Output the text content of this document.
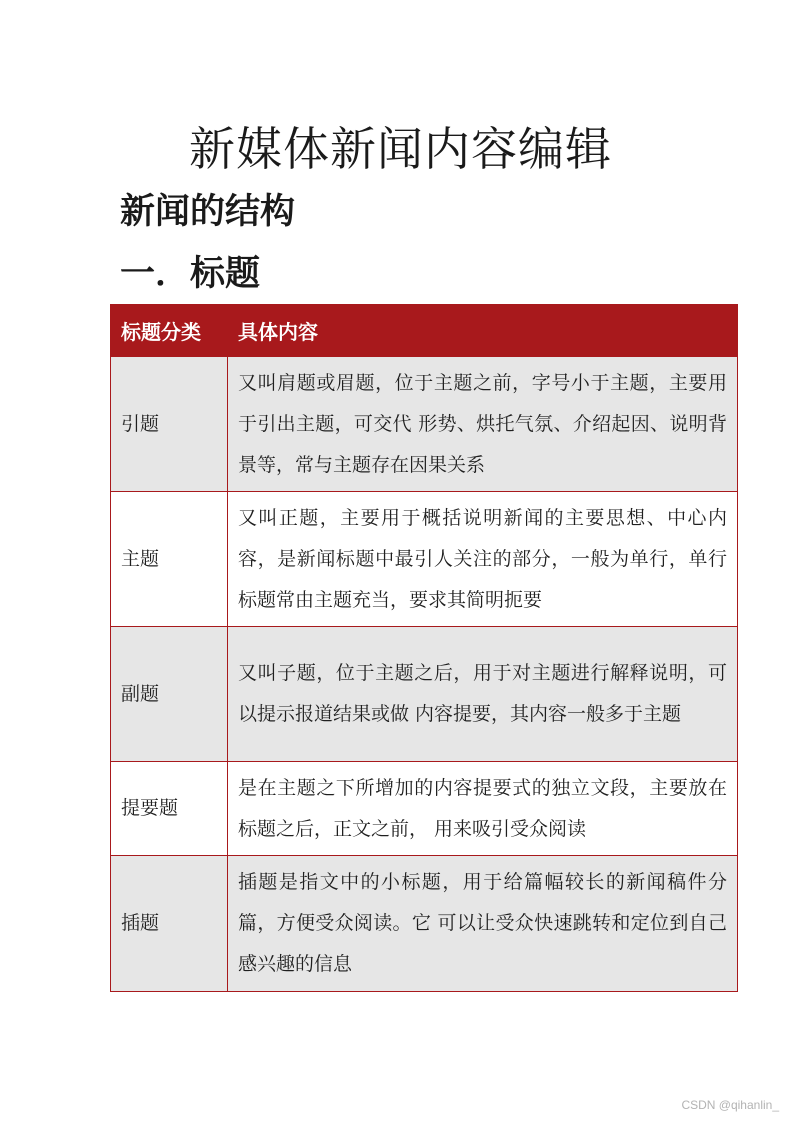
新媒体新闻内容编辑
新闻的结构
一．标题
标题分类	具体内容
引题	又叫肩题或眉题，位于主题之前，字号小于主题，主要用于引出主题，可交代 形势、烘托气氛、介绍起因、说明背景等，常与主题存在因果关系
主题	又叫正题，主要用于概括说明新闻的主要思想、中心内容，是新闻标题中最引人关注的部分，一般为单行，单行标题常由主题充当，要求其简明扼要
副题	又叫子题，位于主题之后，用于对主题进行解释说明，可以提示报道结果或做 内容提要，其内容一般多于主题
提要题	是在主题之下所增加的内容提要式的独立文段，主要放在标题之后，正文之前， 用来吸引受众阅读
插题	插题是指文中的小标题，用于给篇幅较长的新闻稿件分篇，方便受众阅读。它 可以让受众快速跳转和定位到自己感兴趣的信息
CSDN @qihanlin_
